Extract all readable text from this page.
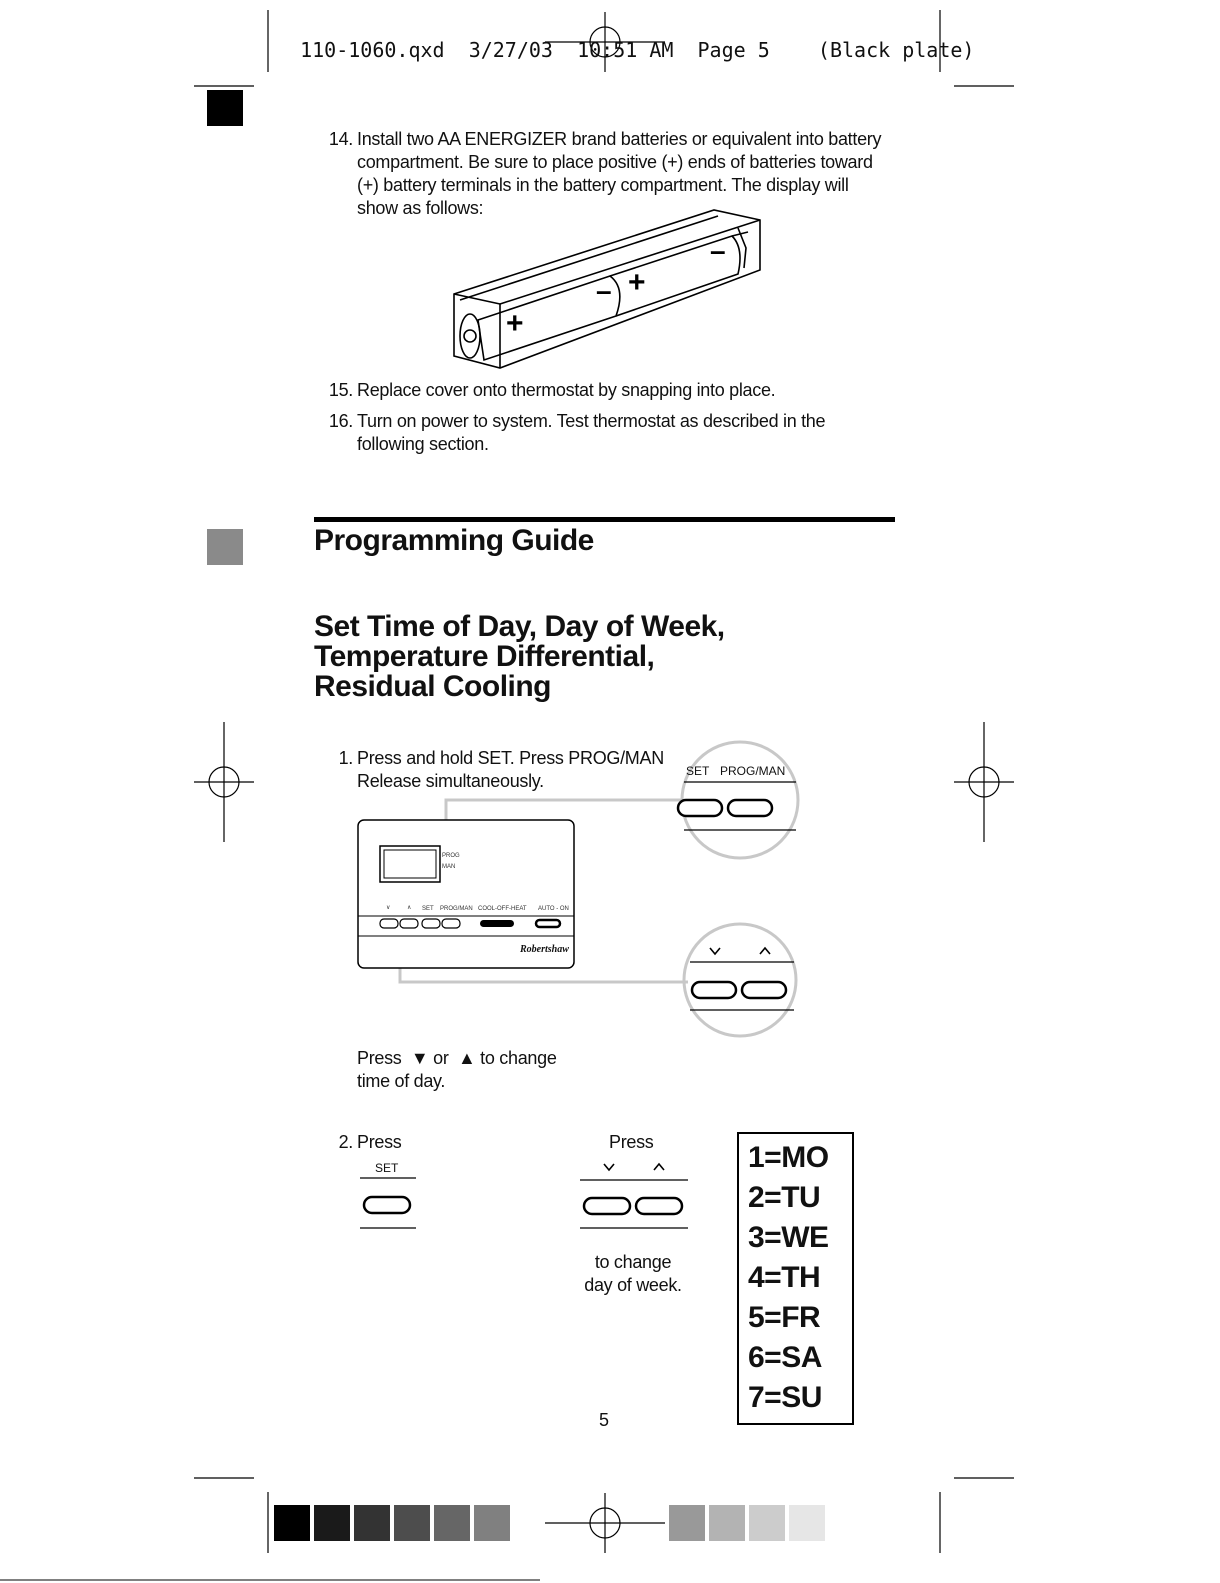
110-1060.qxd 3/27/03 10:51 AM Page 5 (Black plate)

14. Install two AA ENERGIZER brand batteries or equivalent into battery
compartment. Be sure to place positive (+) ends of batteries toward
(+) battery terminals in the battery compartment. The display will
show as follows:
+
– +
–
15. Replace cover onto thermostat by snapping into place.
16. Turn on power to system. Test thermostat as described in the
following section.
Programming Guide
Set Time of Day, Day of Week,
Temperature Differential,
Residual Cooling
1. Press and hold SET. Press PROG/MAN
Release simultaneously.
PROG
MAN
∨	∧ SET PROG/MAN COOL-OFF-HEAT AUTO - ON
Robertshaw
SET PROG/MAN
Press  ▼ or  ▲ to change
time of day.
2. Press
SET
Press
to change
day of week.
1=MO
2=TU
3=WE
4=TH
5=FR
6=SA
7=SU
5
